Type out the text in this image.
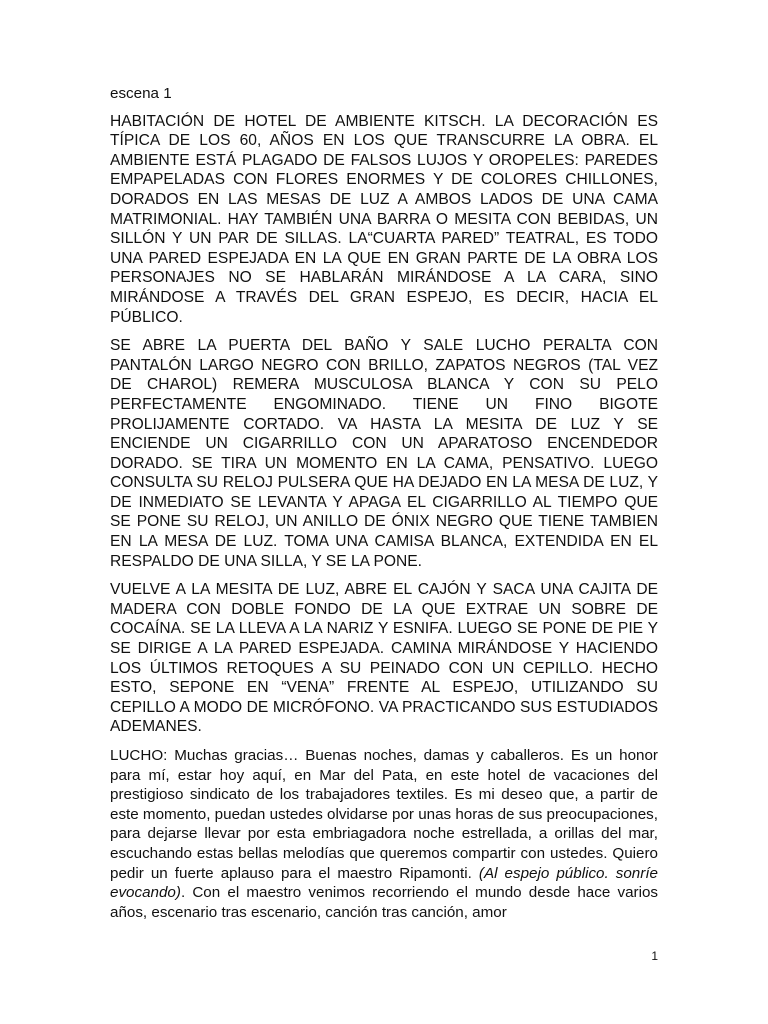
escena 1

HABITACIÓN DE HOTEL DE AMBIENTE KITSCH. LA DECORACIÓN ES TÍPICA DE LOS 60, AÑOS EN LOS QUE TRANSCURRE LA OBRA. EL AMBIENTE ESTÁ PLAGADO DE FALSOS LUJOS Y OROPELES: PAREDES EMPAPELADAS CON FLORES ENORMES Y DE COLORES CHILLONES, DORADOS EN LAS MESAS DE LUZ A AMBOS LADOS DE UNA CAMA MATRIMONIAL. HAY TAMBIÉN UNA BARRA O MESITA CON BEBIDAS, UN SILLÓN Y UN PAR DE SILLAS. LA“CUARTA PARED” TEATRAL, ES TODO UNA PARED ESPEJADA EN LA QUE EN GRAN PARTE DE LA OBRA LOS PERSONAJES NO SE HABLARÁN MIRÁNDOSE A LA CARA, SINO MIRÁNDOSE A TRAVÉS DEL GRAN ESPEJO, ES DECIR, HACIA EL PÚBLICO.

SE ABRE LA PUERTA DEL BAÑO Y SALE LUCHO PERALTA CON PANTALÓN LARGO NEGRO CON BRILLO, ZAPATOS NEGROS (TAL VEZ DE CHAROL) REMERA MUSCULOSA BLANCA Y CON SU PELO PERFECTAMENTE ENGOMINADO. TIENE UN FINO BIGOTE PROLIJAMENTE CORTADO. VA HASTA LA MESITA DE LUZ Y SE ENCIENDE UN CIGARRILLO CON UN APARATOSO ENCENDEDOR DORADO. SE TIRA UN MOMENTO EN LA CAMA, PENSATIVO. LUEGO CONSULTA SU RELOJ PULSERA QUE HA DEJADO EN LA MESA DE LUZ, Y DE INMEDIATO SE LEVANTA Y APAGA EL CIGARRILLO AL TIEMPO QUE SE PONE SU RELOJ, UN ANILLO DE ÓNIX NEGRO QUE TIENE TAMBIEN EN LA MESA DE LUZ. TOMA UNA CAMISA BLANCA, EXTENDIDA EN EL RESPALDO DE UNA SILLA, Y SE LA PONE.

VUELVE A LA MESITA DE LUZ, ABRE EL CAJÓN Y SACA UNA CAJITA DE MADERA CON DOBLE FONDO DE LA QUE EXTRAE UN SOBRE DE COCAÍNA. SE LA LLEVA A LA NARIZ Y ESNIFA. LUEGO SE PONE DE PIE Y SE DIRIGE A LA PARED ESPEJADA. CAMINA MIRÁNDOSE Y HACIENDO LOS ÚLTIMOS RETOQUES A SU PEINADO CON UN CEPILLO. HECHO ESTO, SEPONE EN “VENA” FRENTE AL ESPEJO, UTILIZANDO SU CEPILLO A MODO DE MICRÓFONO. VA PRACTICANDO SUS ESTUDIADOS ADEMANES.

LUCHO: Muchas gracias… Buenas noches, damas y caballeros. Es un honor para mí, estar hoy aquí, en Mar del Pata, en este hotel de vacaciones del prestigioso sindicato de los trabajadores textiles. Es mi deseo que, a partir de este momento, puedan ustedes olvidarse por unas horas de sus preocupaciones, para dejarse llevar por esta embriagadora noche estrellada, a orillas del mar, escuchando estas bellas melodías que queremos compartir con ustedes. Quiero pedir un fuerte aplauso para el maestro Ripamonti. (Al espejo público. sonríe evocando). Con el maestro venimos recorriendo el mundo desde hace varios años, escenario tras escenario, canción tras canción, amor

1
